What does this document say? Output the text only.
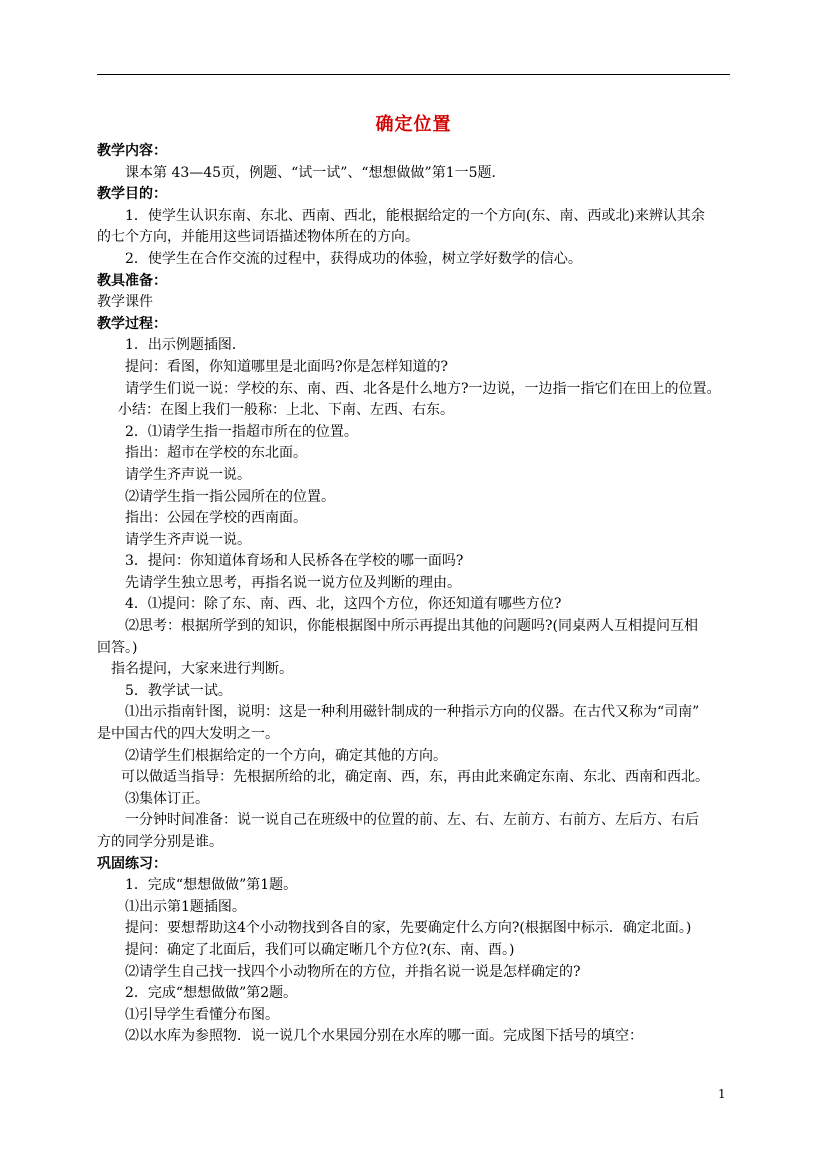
确定位置
教学内容：
课本第 43—45页，例题、“试一试”、“想想做做”第1一5题．
教学目的：
1．使学生认识东南、东北、西南、西北，能根据给定的一个方向(东、南、西或北)来辨认其余
的七个方向，并能用这些词语描述物体所在的方向。
2．使学生在合作交流的过程中，获得成功的体验，树立学好数学的信心。
教具准备：
教学课件
教学过程：
1．出示例题插图．
提问：看图，你知道哪里是北面吗?你是怎样知道的?
请学生们说一说：学校的东、南、西、北各是什么地方?一边说，一边指一指它们在田上的位置。
小结：在图上我们一般称：上北、下南、左西、右东。
2．⑴请学生指一指超市所在的位置。
指出：超市在学校的东北面。
请学生齐声说一说。
⑵请学生指一指公园所在的位置。
指出：公园在学校的西南面。
请学生齐声说一说。
3．提问：你知道体育场和人民桥各在学校的哪一面吗?
先请学生独立思考，再指名说一说方位及判断的理由。
4．⑴提问：除了东、南、西、北，这四个方位，你还知道有哪些方位?
⑵思考：根据所学到的知识，你能根据图中所示再提出其他的问题吗?(同桌两人互相提问互相
回答。)
指名提问，大家来进行判断。
5．教学试一试。
⑴出示指南针图，说明：这是一种利用磁针制成的一种指示方向的仪器。在古代又称为“司南”
是中国古代的四大发明之一。
⑵请学生们根据给定的一个方向，确定其他的方向。
可以做适当指导：先根据所给的北，确定南、西，东，再由此来确定东南、东北、西南和西北。
⑶集体订正。
一分钟时间准备：说一说自己在班级中的位置的前、左、右、左前方、右前方、左后方、右后
方的同学分别是谁。
巩固练习：
1．完成“想想做做”第1题。
⑴出示第1题插图。
提问：要想帮助这4个小动物找到各自的家，先要确定什么方向?(根据图中标示．确定北面。)
提问：确定了北面后，我们可以确定晰几个方位?(东、南、酉。)
⑵请学生自己找一找四个小动物所在的方位，并指名说一说是怎样确定的?
2．完成“想想做做”第2题。
⑴引导学生看懂分布图。
⑵以水库为参照物．说一说几个水果园分别在水库的哪一面。完成图下括号的填空：
1
